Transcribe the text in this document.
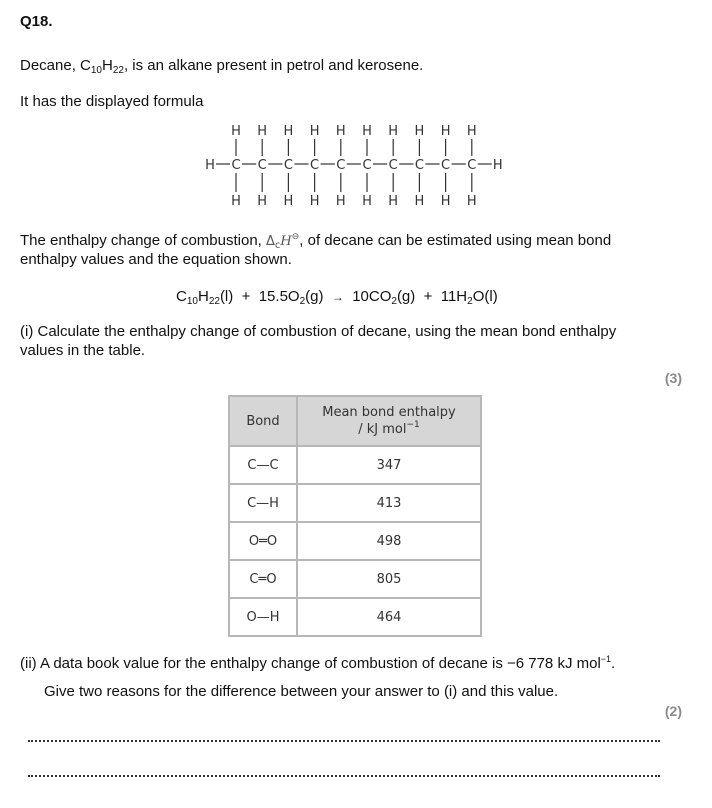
Q18.
Decane, $C_{10}H_{22}$, is an alkane present in petrol and kerosene.
It has the displayed formula
H
C
H
H
C
H
H
C
H
H
C
H
H
C
H
H
C
H
H
C
H
H
C
H
H
C
H
H
C
H
H	H
The enthalpy change of combustion, $\Delta_cH^⊖$, of decane can be estimated using mean bond
enthalpy values and the equation shown.
$C_{10}H_{22}(l) + 15.5O_2(g) \to 10CO_2(g) + 11H_2O(l)$
(i) Calculate the enthalpy change of combustion of decane, using the mean bond enthalpy
values in the table.
(3)
Bond	Mean bond enthalpy
/ kJ mol$^{-1}$

C—C	347
C—H	413
O═O	498
C═O	805
O—H	464
(ii) A data book value for the enthalpy change of combustion of decane is −6 778 kJ mol$^{-1}$.
Give two reasons for the difference between your answer to (i) and this value.
(2)
